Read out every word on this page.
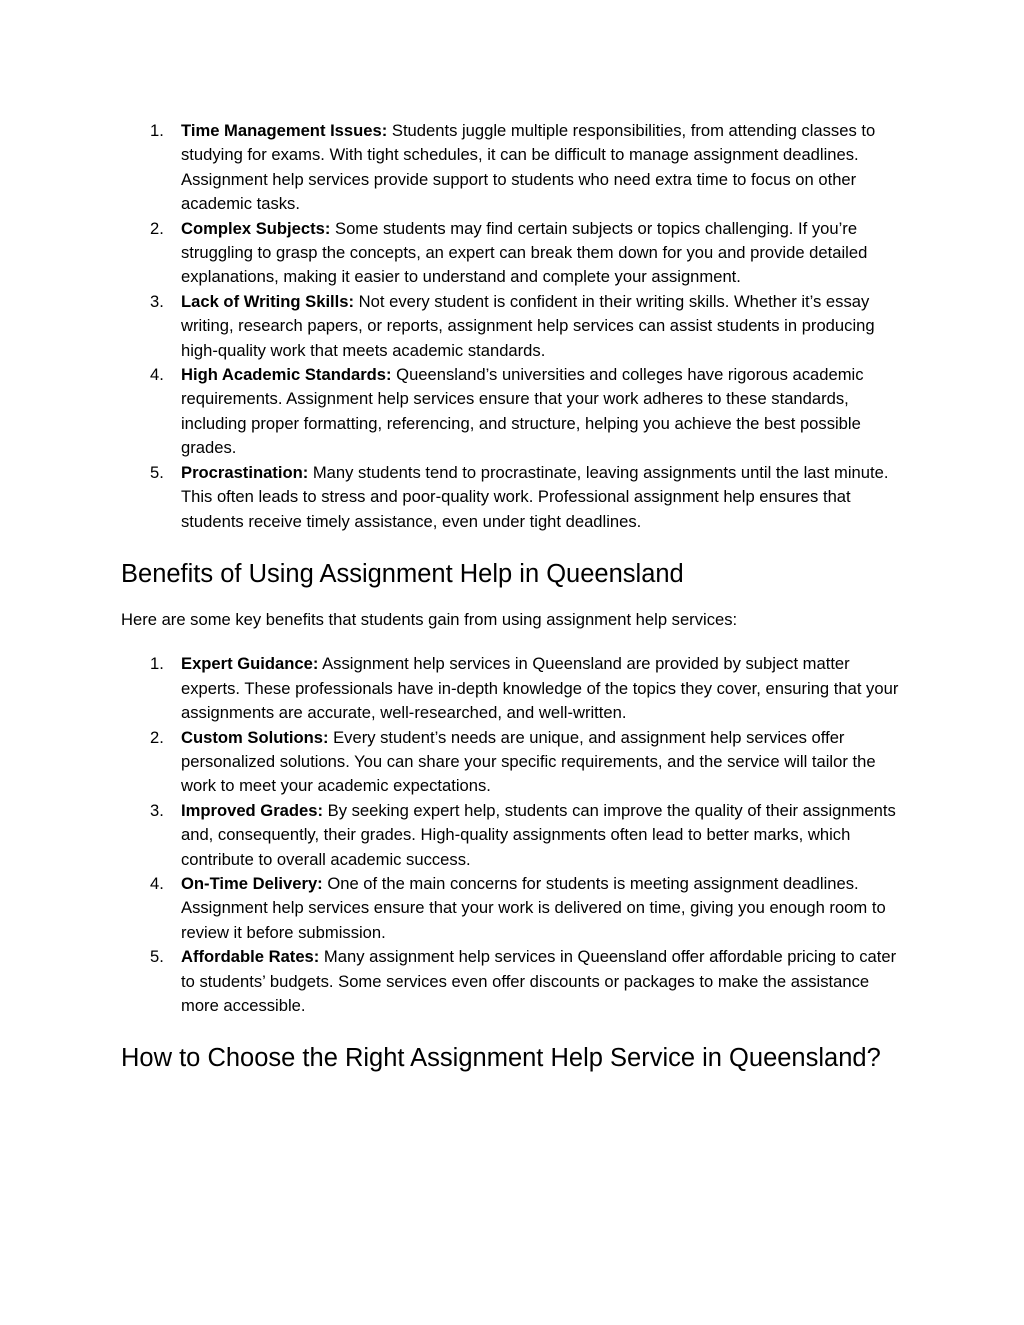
1. Time Management Issues: Students juggle multiple responsibilities, from attending classes to studying for exams. With tight schedules, it can be difficult to manage assignment deadlines. Assignment help services provide support to students who need extra time to focus on other academic tasks.
2. Complex Subjects: Some students may find certain subjects or topics challenging. If you’re struggling to grasp the concepts, an expert can break them down for you and provide detailed explanations, making it easier to understand and complete your assignment.
3. Lack of Writing Skills: Not every student is confident in their writing skills. Whether it’s essay writing, research papers, or reports, assignment help services can assist students in producing high-quality work that meets academic standards.
4. High Academic Standards: Queensland’s universities and colleges have rigorous academic requirements. Assignment help services ensure that your work adheres to these standards, including proper formatting, referencing, and structure, helping you achieve the best possible grades.
5. Procrastination: Many students tend to procrastinate, leaving assignments until the last minute. This often leads to stress and poor-quality work. Professional assignment help ensures that students receive timely assistance, even under tight deadlines.
Benefits of Using Assignment Help in Queensland

Here are some key benefits that students gain from using assignment help services:

1. Expert Guidance: Assignment help services in Queensland are provided by subject matter experts. These professionals have in-depth knowledge of the topics they cover, ensuring that your assignments are accurate, well-researched, and well-written.
2. Custom Solutions: Every student’s needs are unique, and assignment help services offer personalized solutions. You can share your specific requirements, and the service will tailor the work to meet your academic expectations.
3. Improved Grades: By seeking expert help, students can improve the quality of their assignments and, consequently, their grades. High-quality assignments often lead to better marks, which contribute to overall academic success.
4. On-Time Delivery: One of the main concerns for students is meeting assignment deadlines. Assignment help services ensure that your work is delivered on time, giving you enough room to review it before submission.
5. Affordable Rates: Many assignment help services in Queensland offer affordable pricing to cater to students’ budgets. Some services even offer discounts or packages to make the assistance more accessible.
How to Choose the Right Assignment Help Service in Queensland?
